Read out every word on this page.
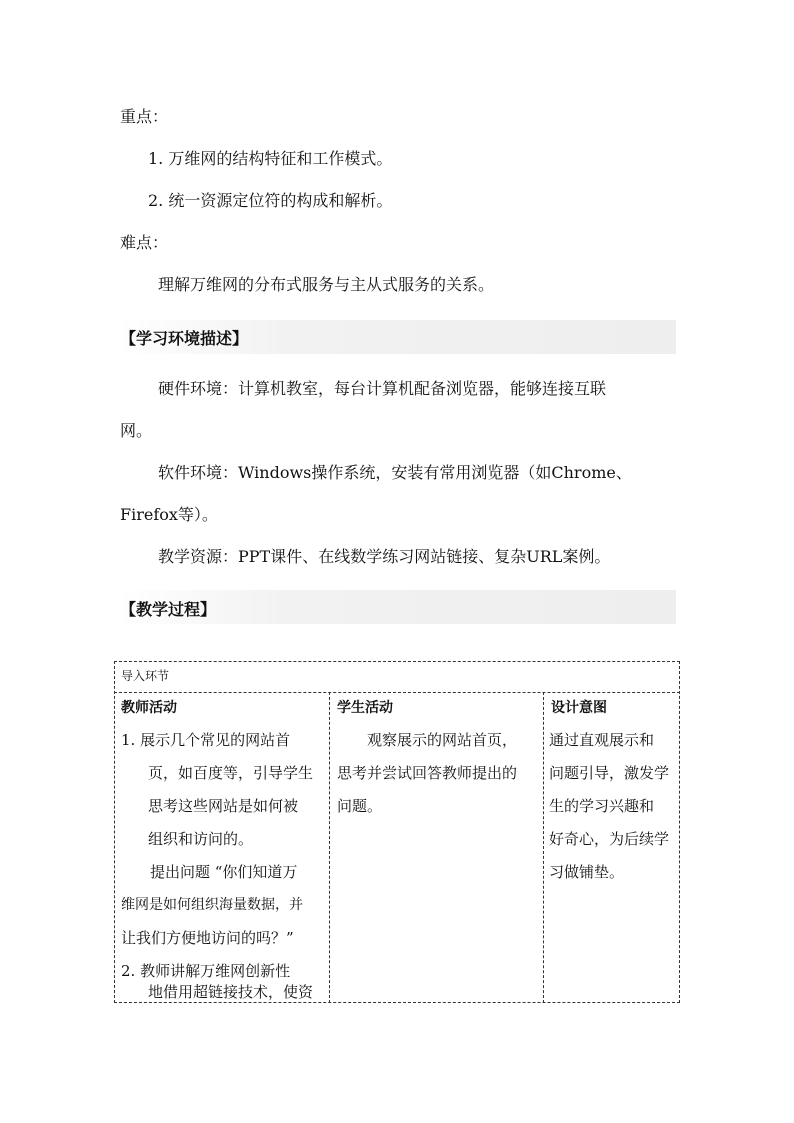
重点：
1. 万维网的结构特征和工作模式。
2. 统一资源定位符的构成和解析。
难点：
理解万维网的分布式服务与主从式服务的关系。
【学习环境描述】
硬件环境：计算机教室，每台计算机配备浏览器，能够连接互联
网。
软件环境：Windows操作系统，安装有常用浏览器（如Chrome、
Firefox等）。
教学资源：PPT课件、在线数学练习网站链接、复杂URL案例。
【教学过程】
导入环节
教师活动	学生活动	设计意图
1. 展示几个常见的网站首
页，如百度等，引导学生
思考这些网站是如何被
组织和访问的。
提出问题 “你们知道万
维网是如何组织海量数据，并
让我们方便地访问的吗？”
2. 教师讲解万维网创新性
地借用超链接技术，使资
观察展示的网站首页，
思考并尝试回答教师提出的
问题。
通过直观展示和
问题引导，激发学
生的学习兴趣和
好奇心，为后续学
习做铺垫。
